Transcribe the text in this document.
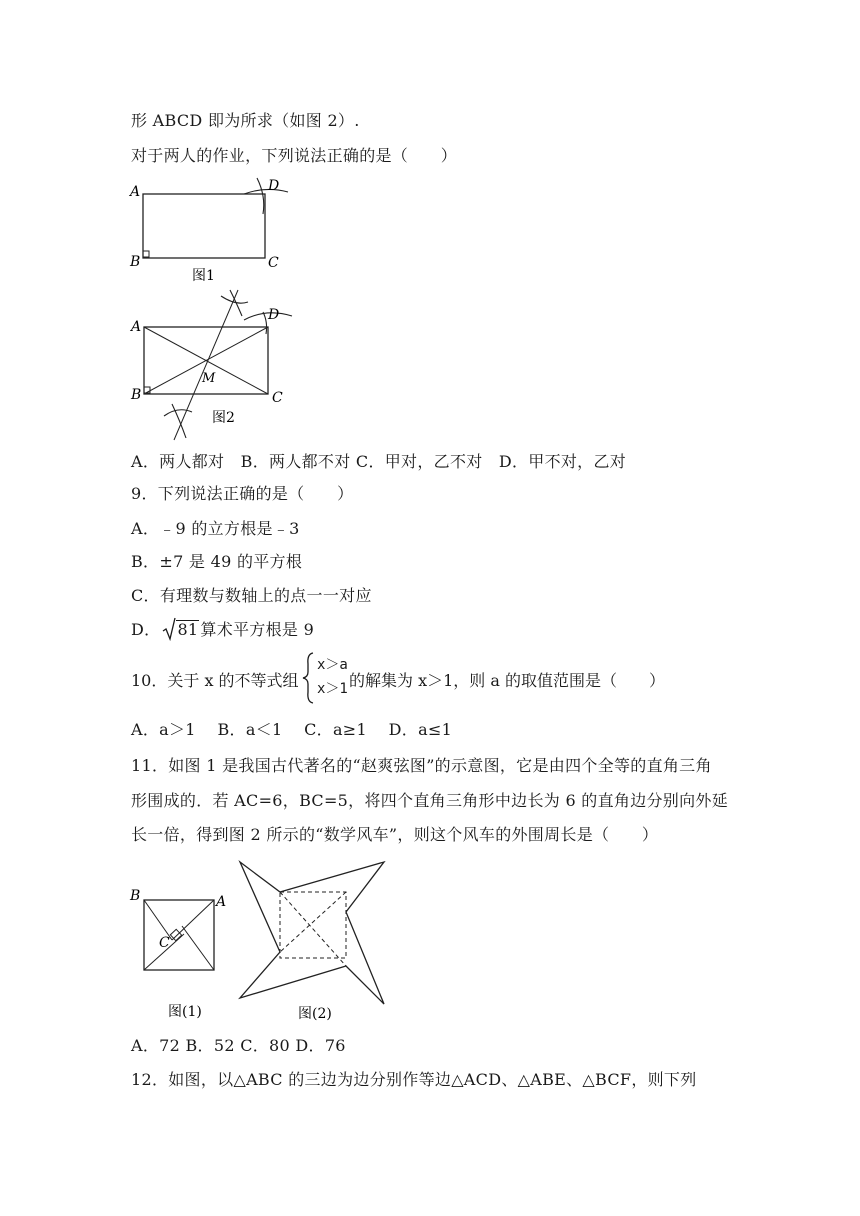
形 ABCD 即为所求（如图 2）.
对于两人的作业，下列说法正确的是（　　）
A
B	C
D
图1
A
B	C
D
M
图2
A．两人都对　B．两人都不对 C．甲对，乙不对　D．甲不对，乙对
9．下列说法正确的是（　　）
A．﹣9 的立方根是﹣3
B．±7 是 49 的平方根
C．有理数与数轴上的点一一对应
D． 81 算术平方根是 9
10．关于 x 的不等式组
x＞a
x＞1 的解集为 x＞1，则 a 的取值范围是（　　）
A．a＞1　 B．a＜1　 C．a≥1　 D．a≤1
11．如图 1 是我国古代著名的“赵爽弦图”的示意图，它是由四个全等的直角三角
形围成的．若 AC=6，BC=5，将四个直角三角形中边长为 6 的直角边分别向外延
长一倍，得到图 2 所示的“数学风车”，则这个风车的外围周长是（　　）
B	A
C
图(1)	图(2)
A．72 B．52 C．80 D．76
12．如图，以△ABC 的三边为边分别作等边△ACD、△ABE、△BCF，则下列
